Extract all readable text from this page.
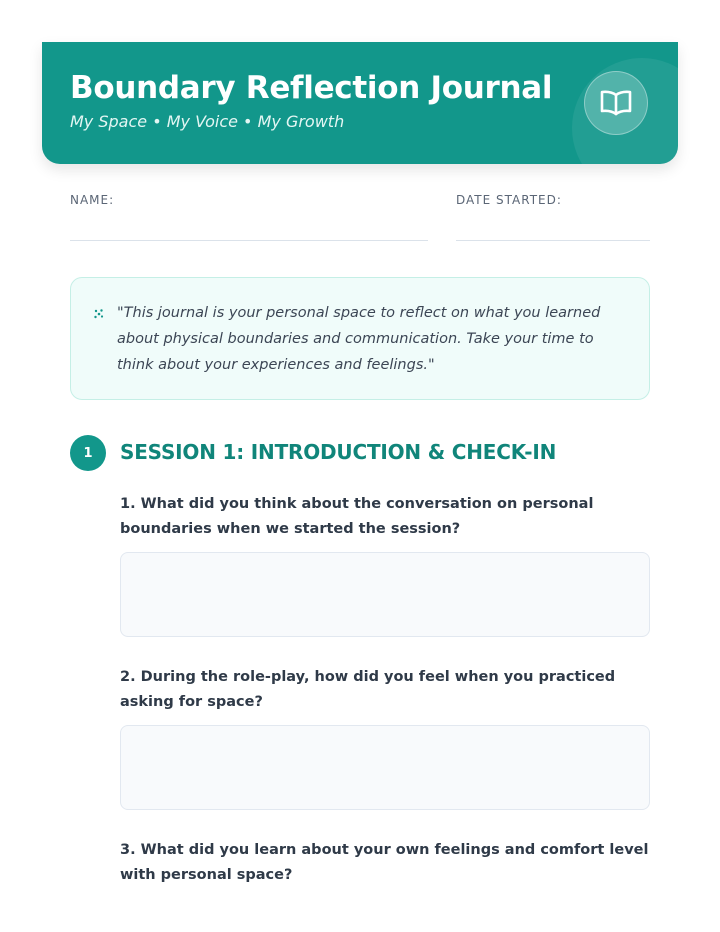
Boundary Reflection Journal
My Space • My Voice • My Growth
NAME:	DATE STARTED:
"This journal is your personal space to reflect on what you learned about physical boundaries and communication. Take your time to think about your experiences and feelings."
1	SESSION 1: INTRODUCTION & CHECK-IN
1. What did you think about the conversation on personal boundaries when we started the session?
2. During the role-play, how did you feel when you practiced asking for space?
3. What did you learn about your own feelings and comfort level with personal space?
